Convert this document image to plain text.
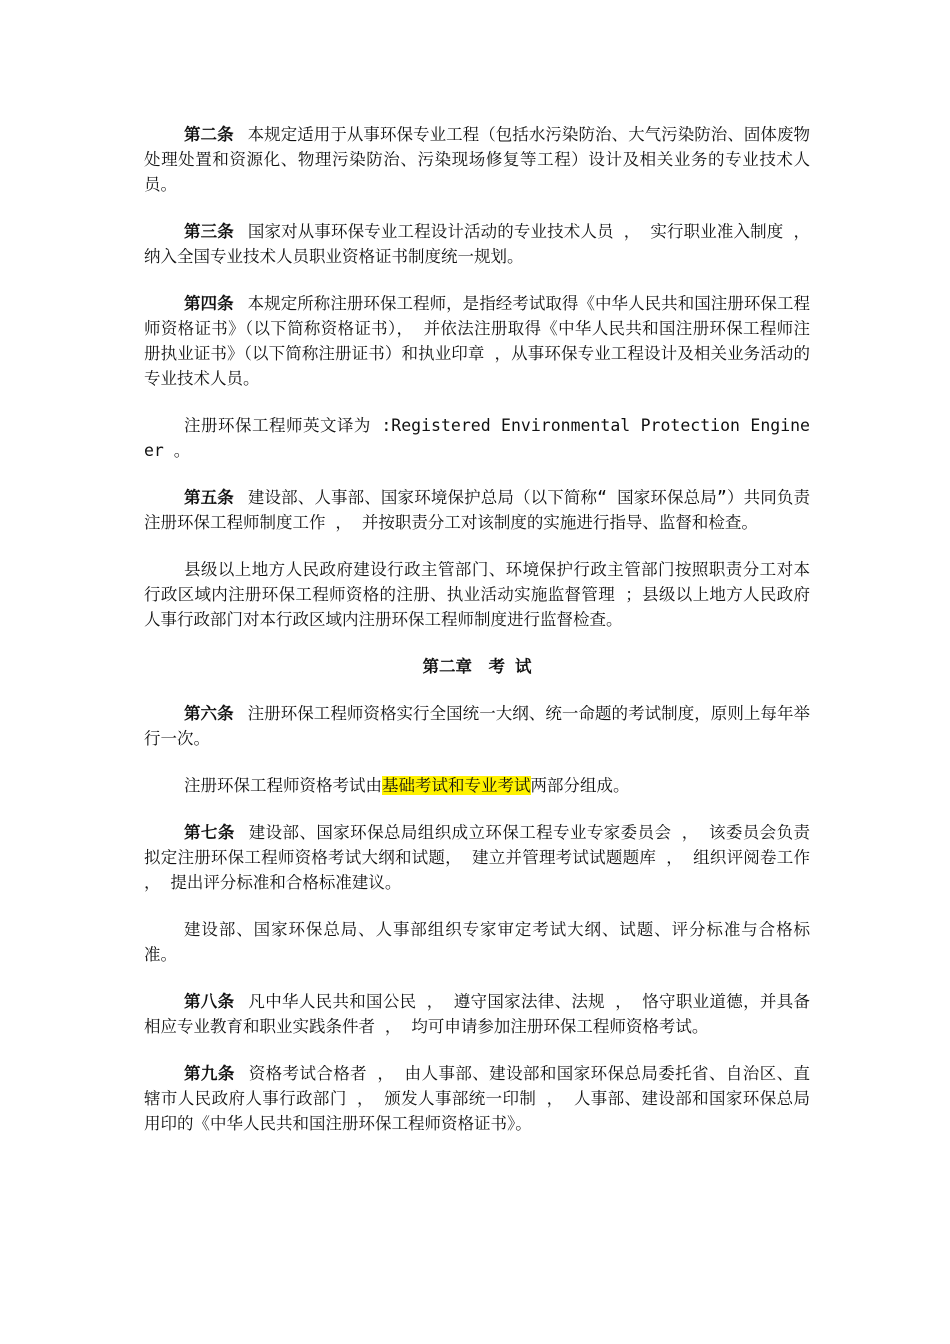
第二条 本规定适用于从事环保专业工程（包括水污染防治、大气污染防治、固体废物处理处置和资源化、物理污染防治、污染现场修复等工程）设计及相关业务的专业技术人员。

第三条 国家对从事环保专业工程设计活动的专业技术人员 ， 实行职业准入制度 ， 纳入全国专业技术人员职业资格证书制度统一规划。

第四条 本规定所称注册环保工程师，是指经考试取得《中华人民共和国注册环保工程师资格证书》（以下简称资格证书）， 并依法注册取得《中华人民共和国注册环保工程师注册执业证书》（以下简称注册证书）和执业印章 ，从事环保专业工程设计及相关业务活动的专业技术人员。

注册环保工程师英文译为 :Registered Environmental Protection Engineer 。

第五条 建设部、人事部、国家环境保护总局（以下简称“ 国家环保总局”）共同负责注册环保工程师制度工作 ， 并按职责分工对该制度的实施进行指导、监督和检查。

县级以上地方人民政府建设行政主管部门、环境保护行政主管部门按照职责分工对本行政区域内注册环保工程师资格的注册、执业活动实施监督管理 ；县级以上地方人民政府人事行政部门对本行政区域内注册环保工程师制度进行监督检查。

第二章　考 试

第六条 注册环保工程师资格实行全国统一大纲、统一命题的考试制度，原则上每年举行一次。

注册环保工程师资格考试由基础考试和专业考试两部分组成。

第七条 建设部、国家环保总局组织成立环保工程专业专家委员会 ， 该委员会负责拟定注册环保工程师资格考试大纲和试题， 建立并管理考试试题题库 ， 组织评阅卷工作 ， 提出评分标准和合格标准建议。

建设部、国家环保总局、人事部组织专家审定考试大纲、试题、评分标准与合格标准。

第八条 凡中华人民共和国公民 ， 遵守国家法律、法规 ， 恪守职业道德，并具备相应专业教育和职业实践条件者 ， 均可申请参加注册环保工程师资格考试。

第九条 资格考试合格者 ， 由人事部、建设部和国家环保总局委托省、自治区、直辖市人民政府人事行政部门 ， 颁发人事部统一印制 ， 人事部、建设部和国家环保总局用印的《中华人民共和国注册环保工程师资格证书》。
